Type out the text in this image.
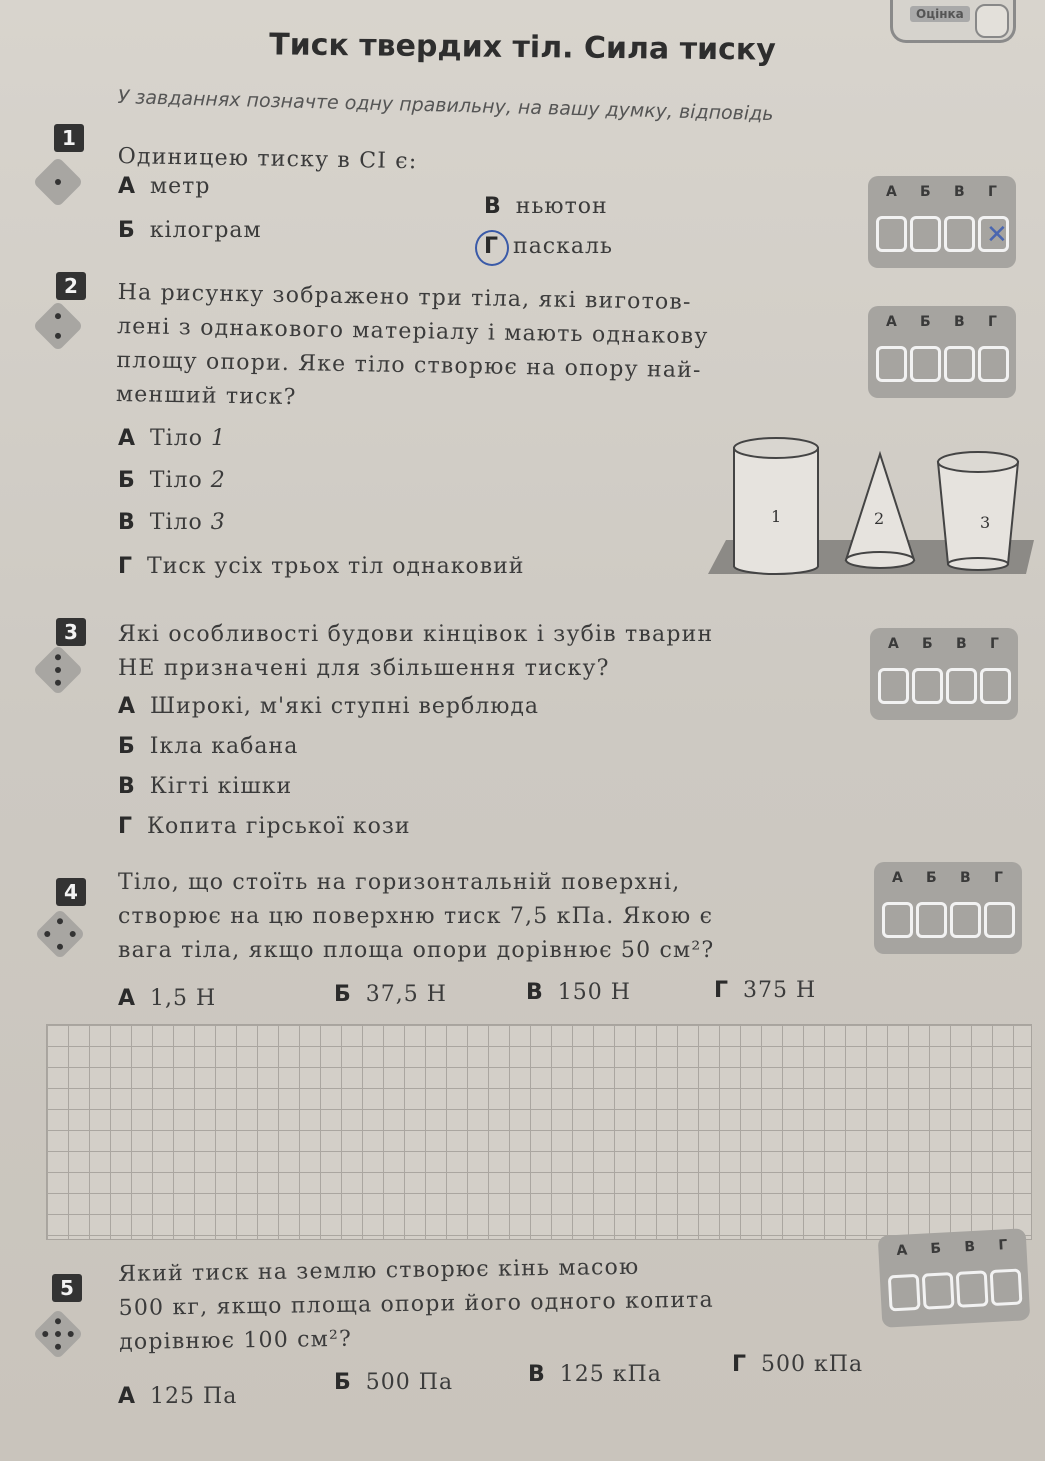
Оцінка
Тиск твердих тіл. Сила тиску
У завданнях позначте одну правильну, на вашу думку, відповідь
1
Одиницею тиску в СІ є:
А метр
Б кілограм
В ньютон
Г паскаль
А Б В Г
✕
2	На рисунку зображено три тіла, які виготов-
лені з однакового матеріалу і мають однакову
площу опори. Яке тіло створює на опору най-
менший тиск?
А Тіло 1
Б Тіло 2
В Тіло 3
Г Тиск усіх трьох тіл однаковий
1	2	3
А Б В Г
3	Які особливості будови кінцівок і зубів тварин
НЕ призначені для збільшення тиску?
А Широкі, м'які ступні верблюда
Б Ікла кабана
В Кігті кішки
Г Копита гірської кози
А Б В Г
4	Тіло, що стоїть на горизонтальній поверхні,
створює на цю поверхню тиск 7,5 кПа. Якою є
вага тіла, якщо площа опори дорівнює 50 см²?
А 1,5 Н	Б 37,5 Н	В 150 Н	Г 375 Н
А Б В Г
5
Який тиск на землю створює кінь масою
500 кг, якщо площа опори його одного копита
дорівнює 100 см²?
А 125 Па
Б 500 Па	В 125 кПа	Г 500 кПа
А Б В Г
